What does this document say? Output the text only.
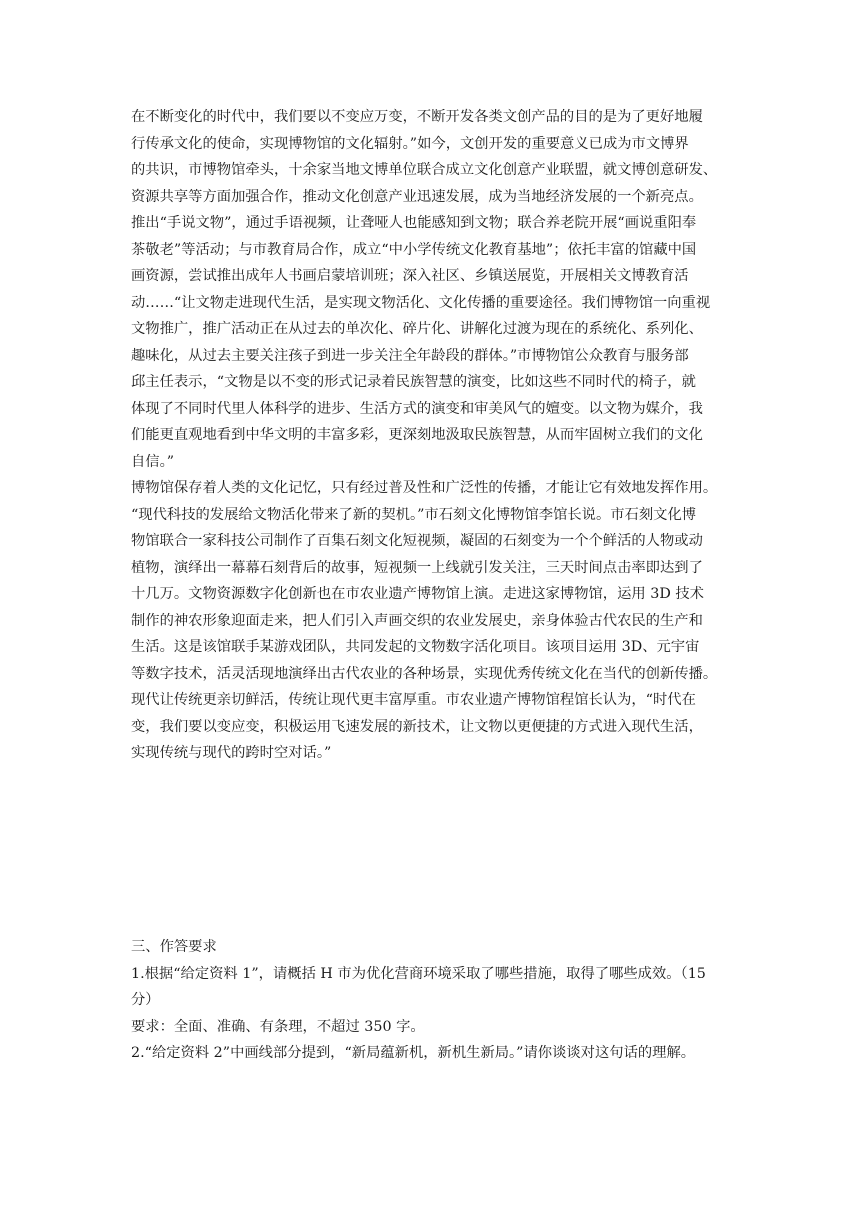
在不断变化的时代中，我们要以不变应万变，不断开发各类文创产品的目的是为了更好地履
行传承文化的使命，实现博物馆的文化辐射。”如今，文创开发的重要意义已成为市文博界
的共识，市博物馆牵头，十余家当地文博单位联合成立文化创意产业联盟，就文博创意研发、
资源共享等方面加强合作，推动文化创意产业迅速发展，成为当地经济发展的一个新亮点。
推出“手说文物”，通过手语视频，让聋哑人也能感知到文物；联合养老院开展“画说重阳奉
茶敬老”等活动；与市教育局合作，成立“中小学传统文化教育基地”；依托丰富的馆藏中国
画资源，尝试推出成年人书画启蒙培训班；深入社区、乡镇送展览，开展相关文博教育活
动……“让文物走进现代生活，是实现文物活化、文化传播的重要途径。我们博物馆一向重视
文物推广，推广活动正在从过去的单次化、碎片化、讲解化过渡为现在的系统化、系列化、
趣味化，从过去主要关注孩子到进一步关注全年龄段的群体。”市博物馆公众教育与服务部
邱主任表示，“文物是以不变的形式记录着民族智慧的演变，比如这些不同时代的椅子，就
体现了不同时代里人体科学的进步、生活方式的演变和审美风气的嬗变。以文物为媒介，我
们能更直观地看到中华文明的丰富多彩，更深刻地汲取民族智慧，从而牢固树立我们的文化
自信。”
博物馆保存着人类的文化记忆，只有经过普及性和广泛性的传播，才能让它有效地发挥作用。
“现代科技的发展给文物活化带来了新的契机。”市石刻文化博物馆李馆长说。市石刻文化博
物馆联合一家科技公司制作了百集石刻文化短视频，凝固的石刻变为一个个鲜活的人物或动
植物，演绎出一幕幕石刻背后的故事，短视频一上线就引发关注，三天时间点击率即达到了
十几万。文物资源数字化创新也在市农业遗产博物馆上演。走进这家博物馆，运用 3D 技术
制作的神农形象迎面走来，把人们引入声画交织的农业发展史，亲身体验古代农民的生产和
生活。这是该馆联手某游戏团队，共同发起的文物数字活化项目。该项目运用 3D、元宇宙
等数字技术，活灵活现地演绎出古代农业的各种场景，实现优秀传统文化在当代的创新传播。
现代让传统更亲切鲜活，传统让现代更丰富厚重。市农业遗产博物馆程馆长认为，“时代在
变，我们要以变应变，积极运用飞速发展的新技术，让文物以更便捷的方式进入现代生活，
实现传统与现代的跨时空对话。”
三、作答要求
1.根据“给定资料 1”，请概括 H 市为优化营商环境采取了哪些措施，取得了哪些成效。（15
分）
要求：全面、准确、有条理，不超过 350 字。
2.“给定资料 2”中画线部分提到，“新局蕴新机，新机生新局。”请你谈谈对这句话的理解。
